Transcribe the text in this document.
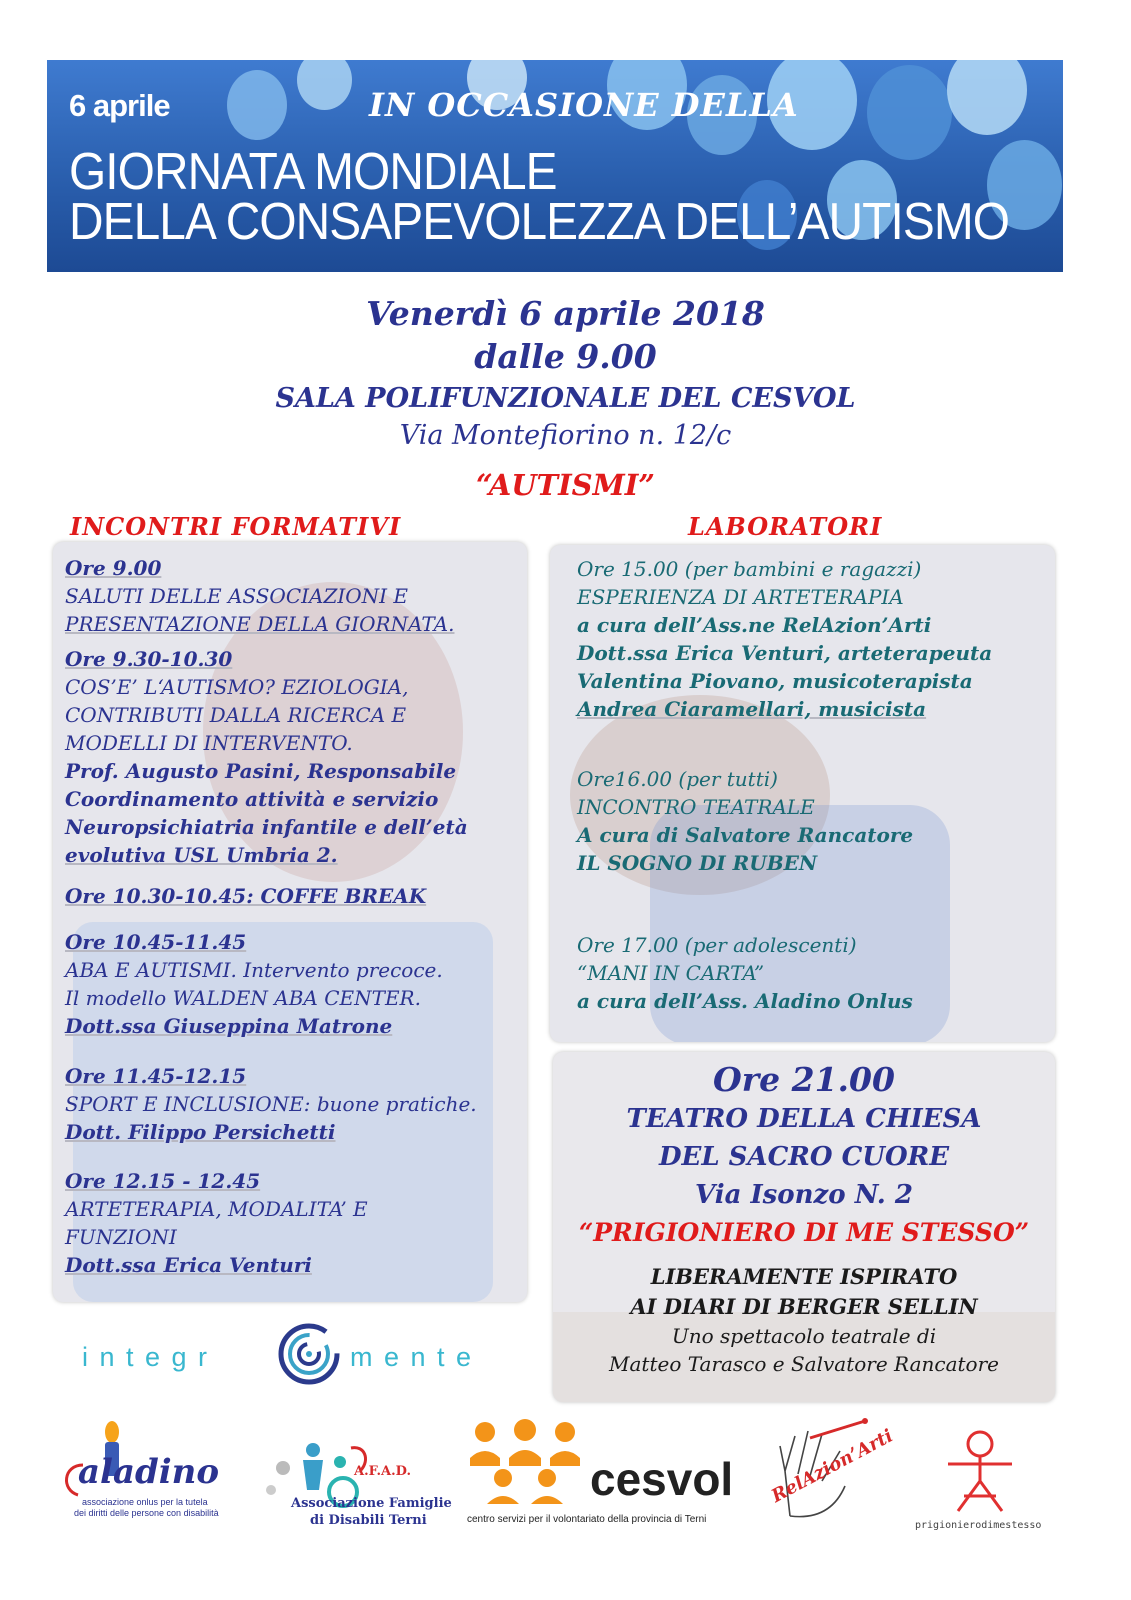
6 aprile	IN OCCASIONE DELLA
GIORNATA MONDIALE
DELLA CONSAPEVOLEZZA DELL’AUTISMO
Venerdì 6 aprile 2018
dalle 9.00
SALA POLIFUNZIONALE DEL CESVOL
Via Montefiorino n. 12/c
“AUTISMI”
INCONTRI FORMATIVI	LABORATORI
Ore 9.00
SALUTI DELLE ASSOCIAZIONI E
PRESENTAZIONE DELLA GIORNATA.
Ore 9.30-10.30
COS’E’ L‘AUTISMO? EZIOLOGIA,
CONTRIBUTI DALLA RICERCA E
MODELLI DI INTERVENTO.
Prof. Augusto Pasini, Responsabile
Coordinamento attività e servizio
Neuropsichiatria infantile e dell’età
evolutiva USL Umbria 2.
Ore 10.30-10.45: COFFE BREAK
Ore 10.45-11.45
ABA E AUTISMI. Intervento precoce.
Il modello WALDEN ABA CENTER.
Dott.ssa Giuseppina Matrone
Ore 11.45-12.15
SPORT E INCLUSIONE: buone pratiche.
Dott. Filippo Persichetti
Ore 12.15 - 12.45
ARTETERAPIA, MODALITA’ E
FUNZIONI
Dott.ssa Erica Venturi
Ore 15.00 (per bambini e ragazzi)
ESPERIENZA DI ARTETERAPIA
a cura dell’Ass.ne RelAzion’Arti
Dott.ssa Erica Venturi, arteterapeuta
Valentina Piovano, musicoterapista
Andrea Ciaramellari, musicista
Ore16.00 (per tutti)
INCONTRO TEATRALE
A cura di Salvatore Rancatore
IL SOGNO DI RUBEN
Ore 17.00 (per adolescenti)
“MANI IN CARTA”
a cura dell’Ass. Aladino Onlus
Ore 21.00
TEATRO DELLA CHIESA
DEL SACRO CUORE
Via Isonzo N. 2
“PRIGIONIERO DI ME STESSO”
LIBERAMENTE ISPIRATO
AI DIARI DI BERGER SELLIN
Uno spettacolo teatrale di
Matteo Tarasco e Salvatore Rancatore
i n t e g r	m e n t e
aladino
associazione onlus per la tutela
dei diritti delle persone con disabilità
A.F.A.D.
Associazione Famiglie
di Disabili Terni
cesvol
centro servizi per il volontariato della provincia di Terni
RelAzion’Arti
prigionierodimestesso
